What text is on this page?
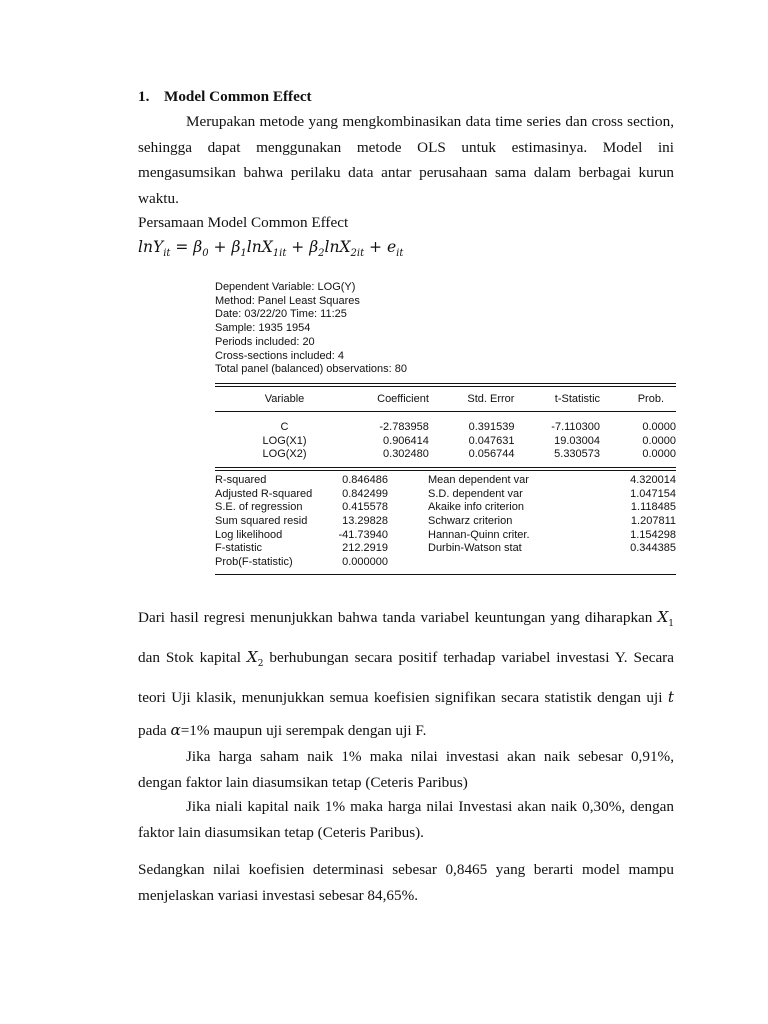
1. Model Common Effect
Merupakan metode yang mengkombinasikan data time series dan cross section, sehingga dapat menggunakan metode OLS untuk estimasinya. Model ini mengasumsikan bahwa perilaku data antar perusahaan sama dalam berbagai kurun waktu.
Persamaan Model Common Effect
$\ln Y_{it} = \beta_0 + \beta_1\ln X_{1it} + \beta_2\ln X_{2it} + e_{it}$
Dependent Variable: LOG(Y)
Method: Panel Least Squares
Date: 03/22/20 Time: 11:25
Sample: 1935 1954
Periods included: 20
Cross-sections included: 4
Total panel (balanced) observations: 80
Variable	Coefficient	Std. Error	t-Statistic	Prob.

C	-2.783958	0.391539	-7.110300	0.0000
LOG(X1)	0.906414	0.047631	19.03004	0.0000
LOG(X2)	0.302480	0.056744	5.330573	0.0000
R-squared	0.846486	Mean dependent var	4.320014
Adjusted R-squared	0.842499	S.D. dependent var	1.047154
S.E. of regression	0.415578	Akaike info criterion	1.118485
Sum squared resid	13.29828	Schwarz criterion	1.207811
Log likelihood	-41.73940	Hannan-Quinn criter.	1.154298
F-statistic	212.2919	Durbin-Watson stat	0.344385
Prob(F-statistic)	0.000000
Dari hasil regresi menunjukkan bahwa tanda variabel keuntungan yang diharapkan $X_1$ dan Stok kapital $X_2$ berhubungan secara positif terhadap variabel investasi Y. Secara teori Uji klasik, menunjukkan semua koefisien signifikan secara statistik dengan uji t pada α=1% maupun uji serempak dengan uji F.
Jika harga saham naik 1% maka nilai investasi akan naik sebesar 0,91%, dengan faktor lain diasumsikan tetap (Ceteris Paribus)
Jika niali kapital naik 1% maka harga nilai Investasi akan naik 0,30%, dengan faktor lain diasumsikan tetap (Ceteris Paribus).
Sedangkan nilai koefisien determinasi sebesar 0,8465 yang berarti model mampu menjelaskan variasi investasi sebesar 84,65%.
